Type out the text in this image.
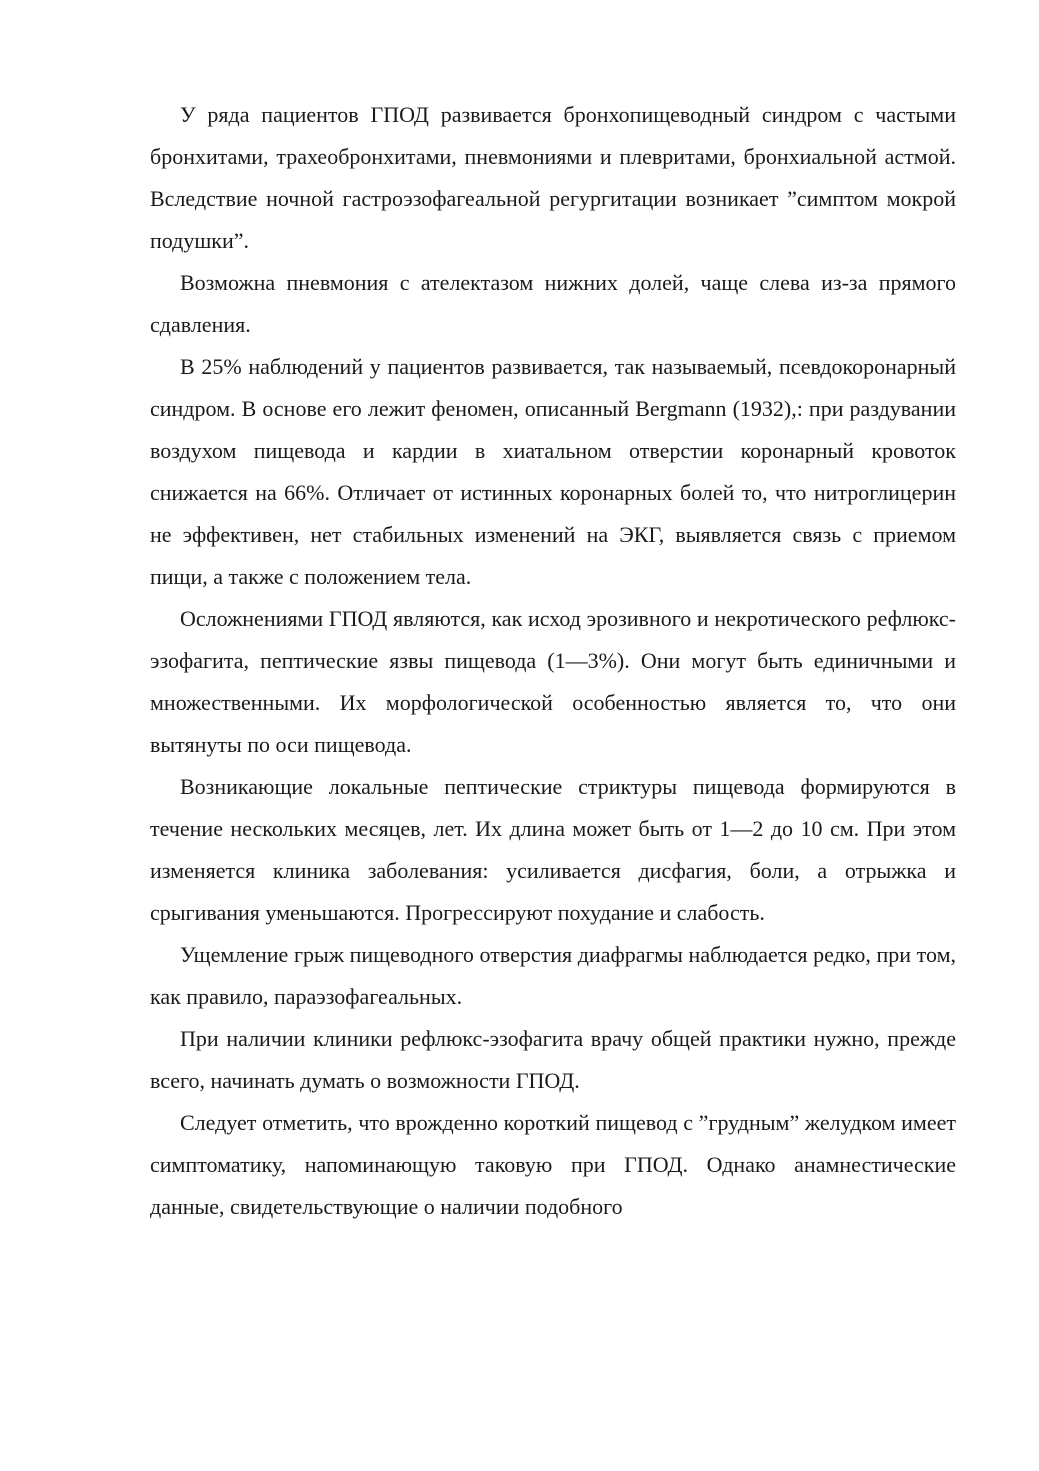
У ряда пациентов ГПОД развивается бронхопищеводный синдром с частыми бронхитами, трахеобронхитами, пневмониями и плевритами, бронхиальной астмой. Вследствие ночной гастроэзофагеальной регургитации возникает ”симптом мокрой подушки”.

Возможна пневмония с ателектазом нижних долей, чаще слева из-за прямого сдавления.

В 25% наблюдений у пациентов развивается, так называемый, псевдокоронарный синдром. В основе его лежит феномен, описанный Bergmann (1932),: при раздувании воздухом пищевода и кардии в хиатальном отверстии коронарный кровоток снижается на 66%. Отличает от истинных коронарных болей то, что нитроглицерин не эффективен, нет стабильных изменений на ЭКГ, выявляется связь с приемом пищи, а также с положением тела.

Осложнениями ГПОД являются, как исход эрозивного и некротического рефлюкс-эзофагита, пептические язвы пищевода (1—3%). Они могут быть единичными и множественными. Их морфологической особенностью является то, что они вытянуты по оси пищевода.

Возникающие локальные пептические стриктуры пищевода формируются в течение нескольких месяцев, лет. Их длина может быть от 1—2 до 10 см. При этом изменяется клиника заболевания: усиливается дисфагия, боли, а отрыжка и срыгивания уменьшаются. Прогрессируют похудание и слабость.

Ущемление грыж пищеводного отверстия диафрагмы наблюдается редко, при том, как правило, параэзофагеальных.

При наличии клиники рефлюкс-эзофагита врачу общей практики нужно, прежде всего, начинать думать о возможности ГПОД.

Следует отметить, что врожденно короткий пищевод с ”грудным” желудком имеет симптоматику, напоминающую таковую при ГПОД. Однако анамнестические данные, свидетельствующие о наличии подобного
